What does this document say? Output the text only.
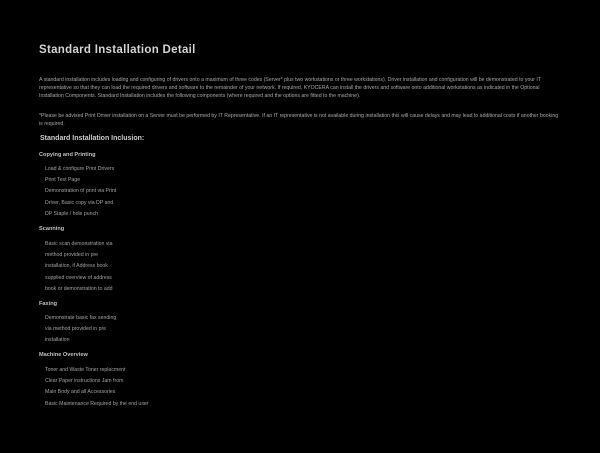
Standard Installation Detail
A standard installation includes loading and configuring of drivers onto a maximum of three codes (Server* plus two workstations or three workstations). Driver installation and configuration will be demonstrated to your IT representative so that they can load the required drivers and software to the remainder of your network. If required, KYOCERA can install the drivers and software onto additional workstations as indicated in the Optional Installation Components. Standard Installation includes the following components (where required and the options are fitted to the machine).
*Please be advised Print Driver installation on a Server must be performed by IT Representative. If an IT representative is not available during installation this will cause delays and may lead to additional costs if another booking is required.
Standard Installation Inclusion:
Copying and Printing
Load & configure Print Drivers
Print Test Page
Demonstration of print via Print
Driver, Basic copy via DP and
DP Staple / hole punch
Scanning
Basic scan demonstration via
method provided in pre
installation, if Address book
supplied overview of address
book or demonstration to add
Faxing
Demonstrate basic fax sending
via method provided in pre
installation
Machine Overview
Toner and Waste Toner replacment
Clear Paper instructions Jam from
Main Body and all Accessories
Basic Maintenance Required by the end user
